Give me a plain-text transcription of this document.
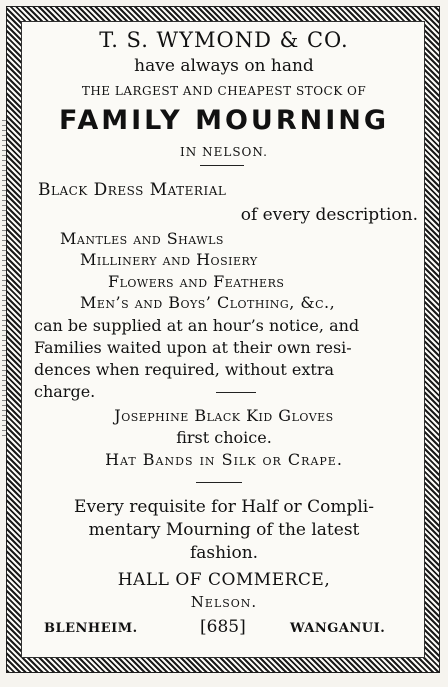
T. S. WYMOND & CO.
have always on hand
THE LARGEST AND CHEAPEST STOCK OF
FAMILY MOURNING
IN NELSON.
Black Dress Material
of every description.
Mantles and Shawls
Millinery and Hosiery
Flowers and Feathers
Men’s and Boys’ Clothing, &c.,
can be supplied at an hour’s notice, and
Families waited upon at their own resi-
dences when required, without extra
charge.
Josephine Black Kid Gloves
first choice.
Hat Bands in Silk or Crape.
Every requisite for Half or Compli-
mentary Mourning of the latest
fashion.
HALL OF COMMERCE,
Nelson.
BLENHEIM.	[685]	WANGANUI.
